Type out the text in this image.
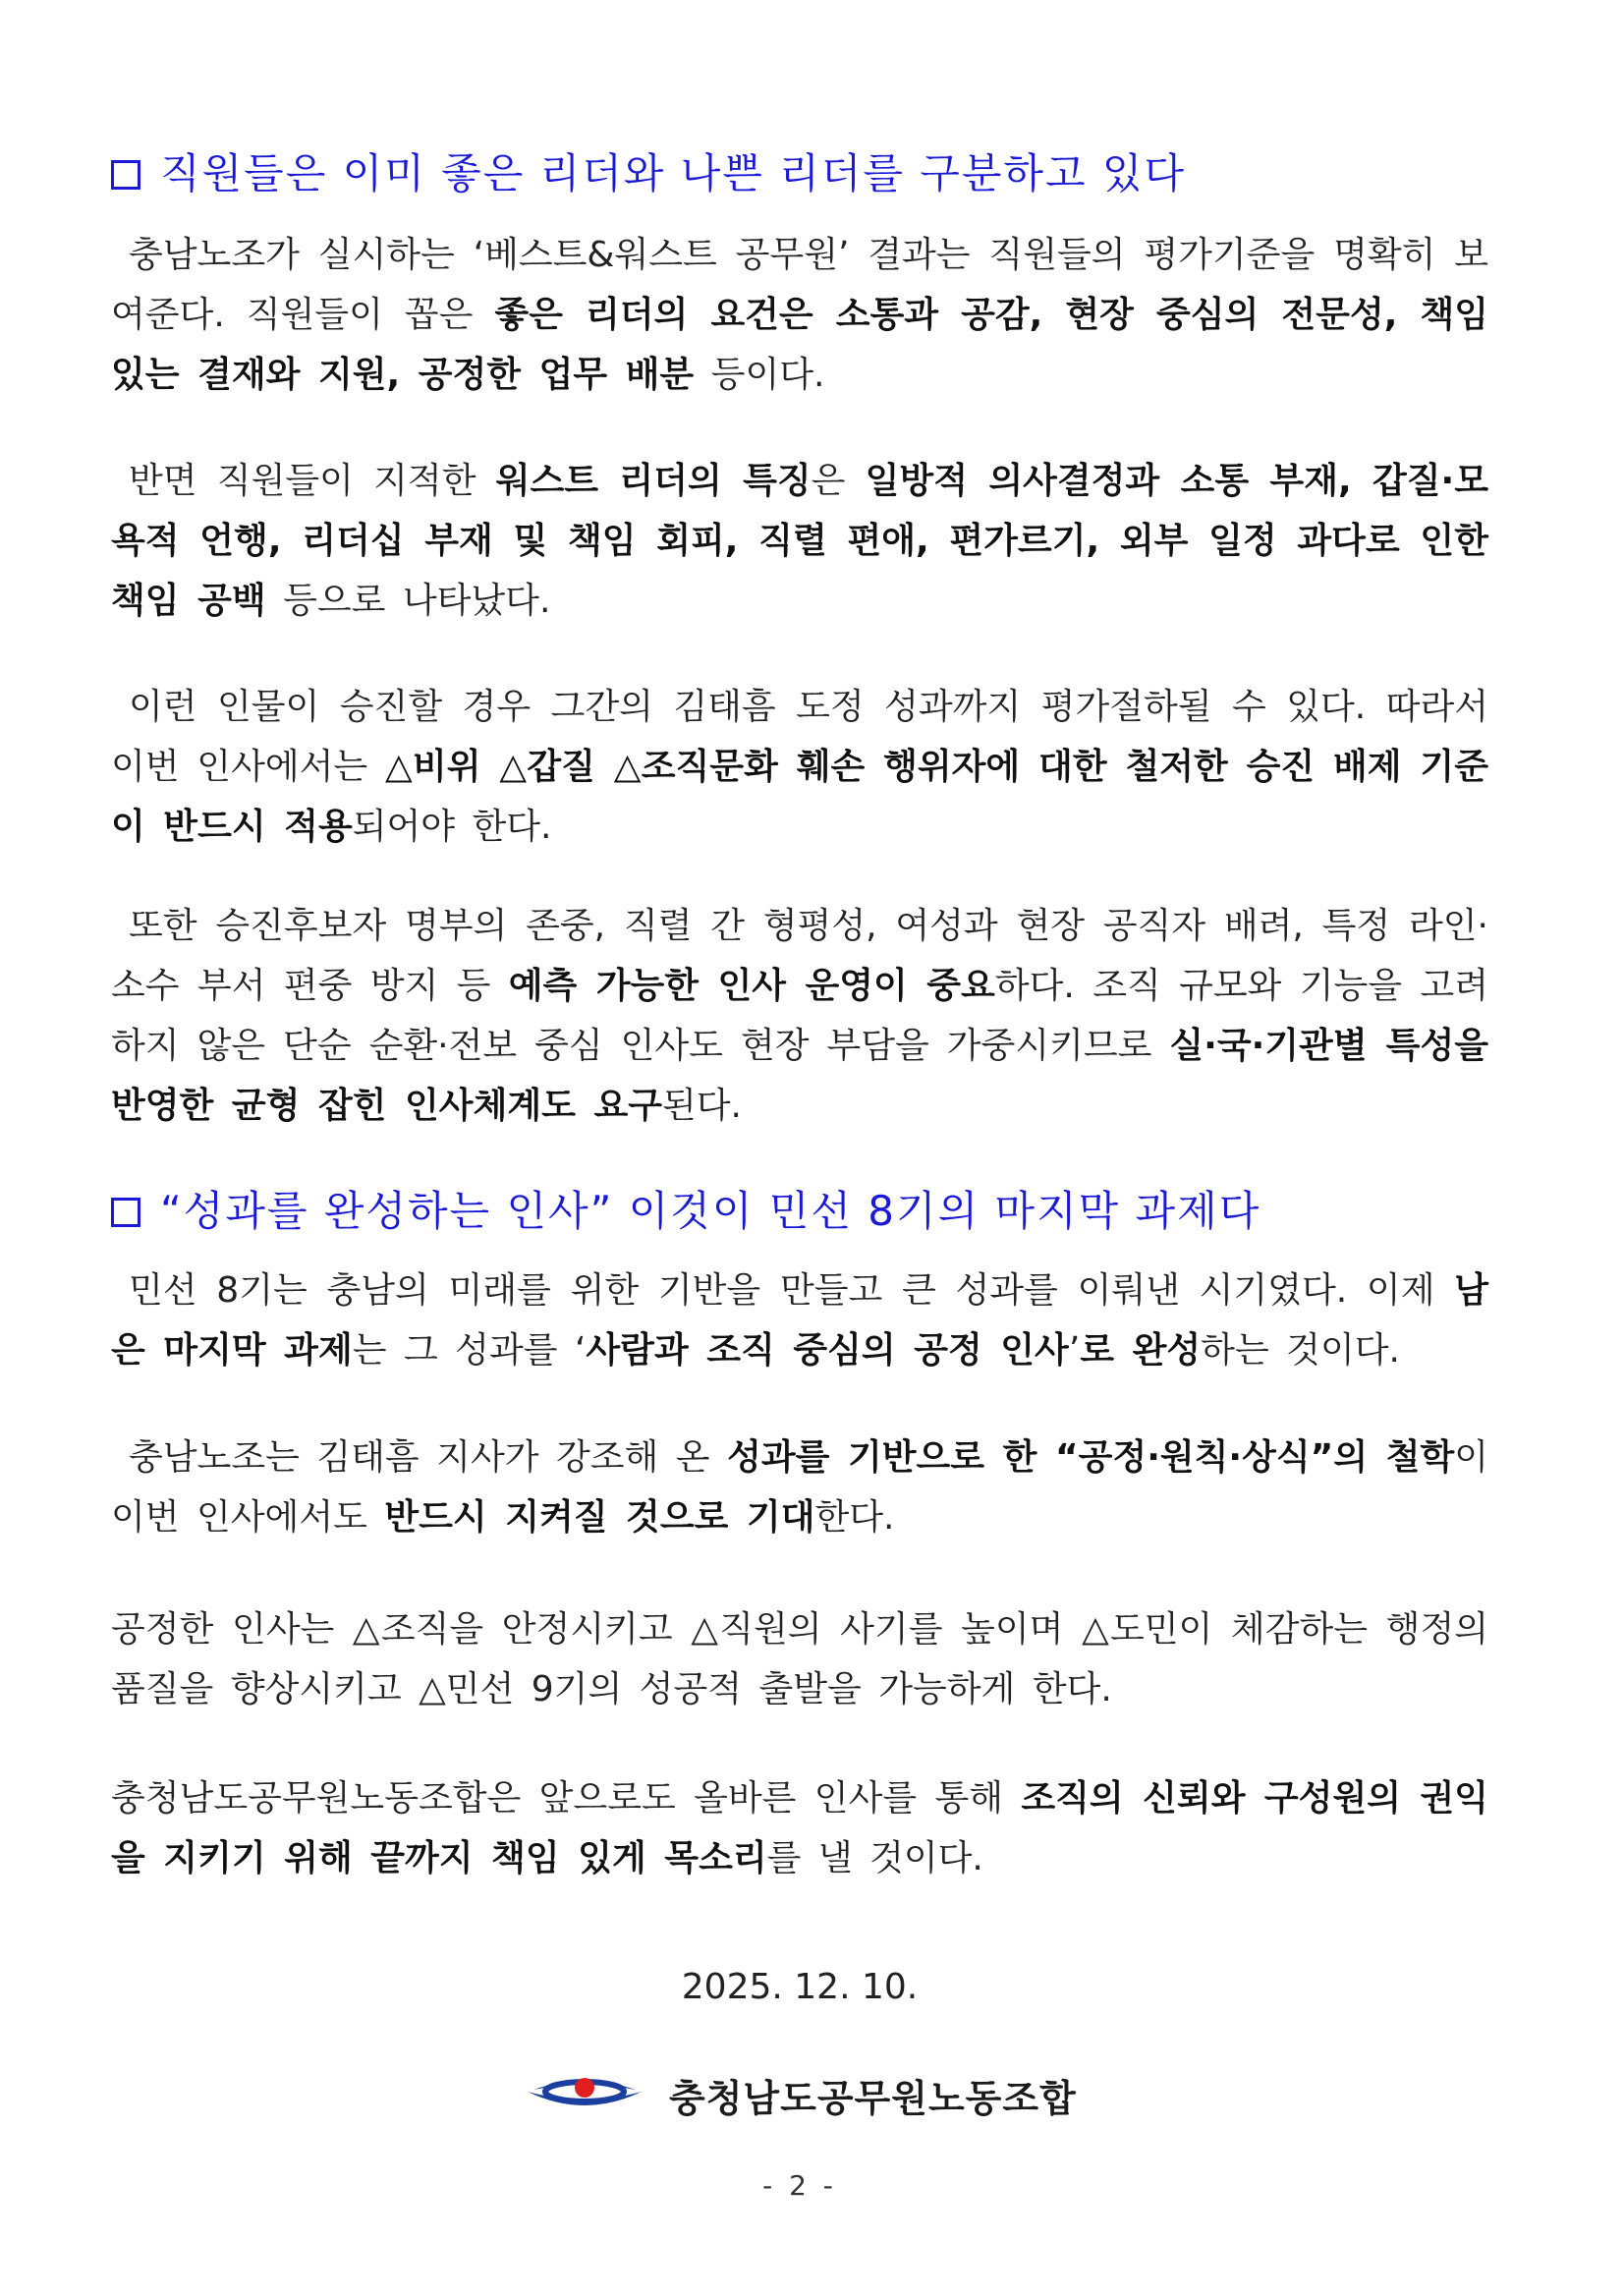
직원들은 이미 좋은 리더와 나쁜 리더를 구분하고 있다
충남노조가 실시하는 ‘베스트&워스트 공무원’ 결과는 직원들의 평가기준을 명확히 보여준다. 직원들이 꼽은 좋은 리더의 요건은 소통과 공감, 현장 중심의 전문성, 책임 있는 결재와 지원, 공정한 업무 배분 등이다.
반면 직원들이 지적한 워스트 리더의 특징은 일방적 의사결정과 소통 부재, 갑질·모욕적 언행, 리더십 부재 및 책임 회피, 직렬 편애, 편가르기, 외부 일정 과다로 인한 책임 공백 등으로 나타났다.
이런 인물이 승진할 경우 그간의 김태흠 도정 성과까지 평가절하될 수 있다. 따라서 이번 인사에서는 △비위 △갑질 △조직문화 훼손 행위자에 대한 철저한 승진 배제 기준이 반드시 적용되어야 한다.
또한 승진후보자 명부의 존중, 직렬 간 형평성, 여성과 현장 공직자 배려, 특정 라인·소수 부서 편중 방지 등 예측 가능한 인사 운영이 중요하다. 조직 규모와 기능을 고려하지 않은 단순 순환·전보 중심 인사도 현장 부담을 가중시키므로 실·국·기관별 특성을 반영한 균형 잡힌 인사체계도 요구된다.
“성과를 완성하는 인사” 이것이 민선 8기의 마지막 과제다
민선 8기는 충남의 미래를 위한 기반을 만들고 큰 성과를 이뤄낸 시기였다. 이제 남은 마지막 과제는 그 성과를 ‘사람과 조직 중심의 공정 인사’로 완성하는 것이다.
충남노조는 김태흠 지사가 강조해 온 성과를 기반으로 한 “공정·원칙·상식”의 철학이 이번 인사에서도 반드시 지켜질 것으로 기대한다.
공정한 인사는 △조직을 안정시키고 △직원의 사기를 높이며 △도민이 체감하는 행정의 품질을 향상시키고 △민선 9기의 성공적 출발을 가능하게 한다.
충청남도공무원노동조합은 앞으로도 올바른 인사를 통해 조직의 신뢰와 구성원의 권익을 지키기 위해 끝까지 책임 있게 목소리를 낼 것이다.
2025. 12. 10.
충청남도공무원노동조합
- 2 -
